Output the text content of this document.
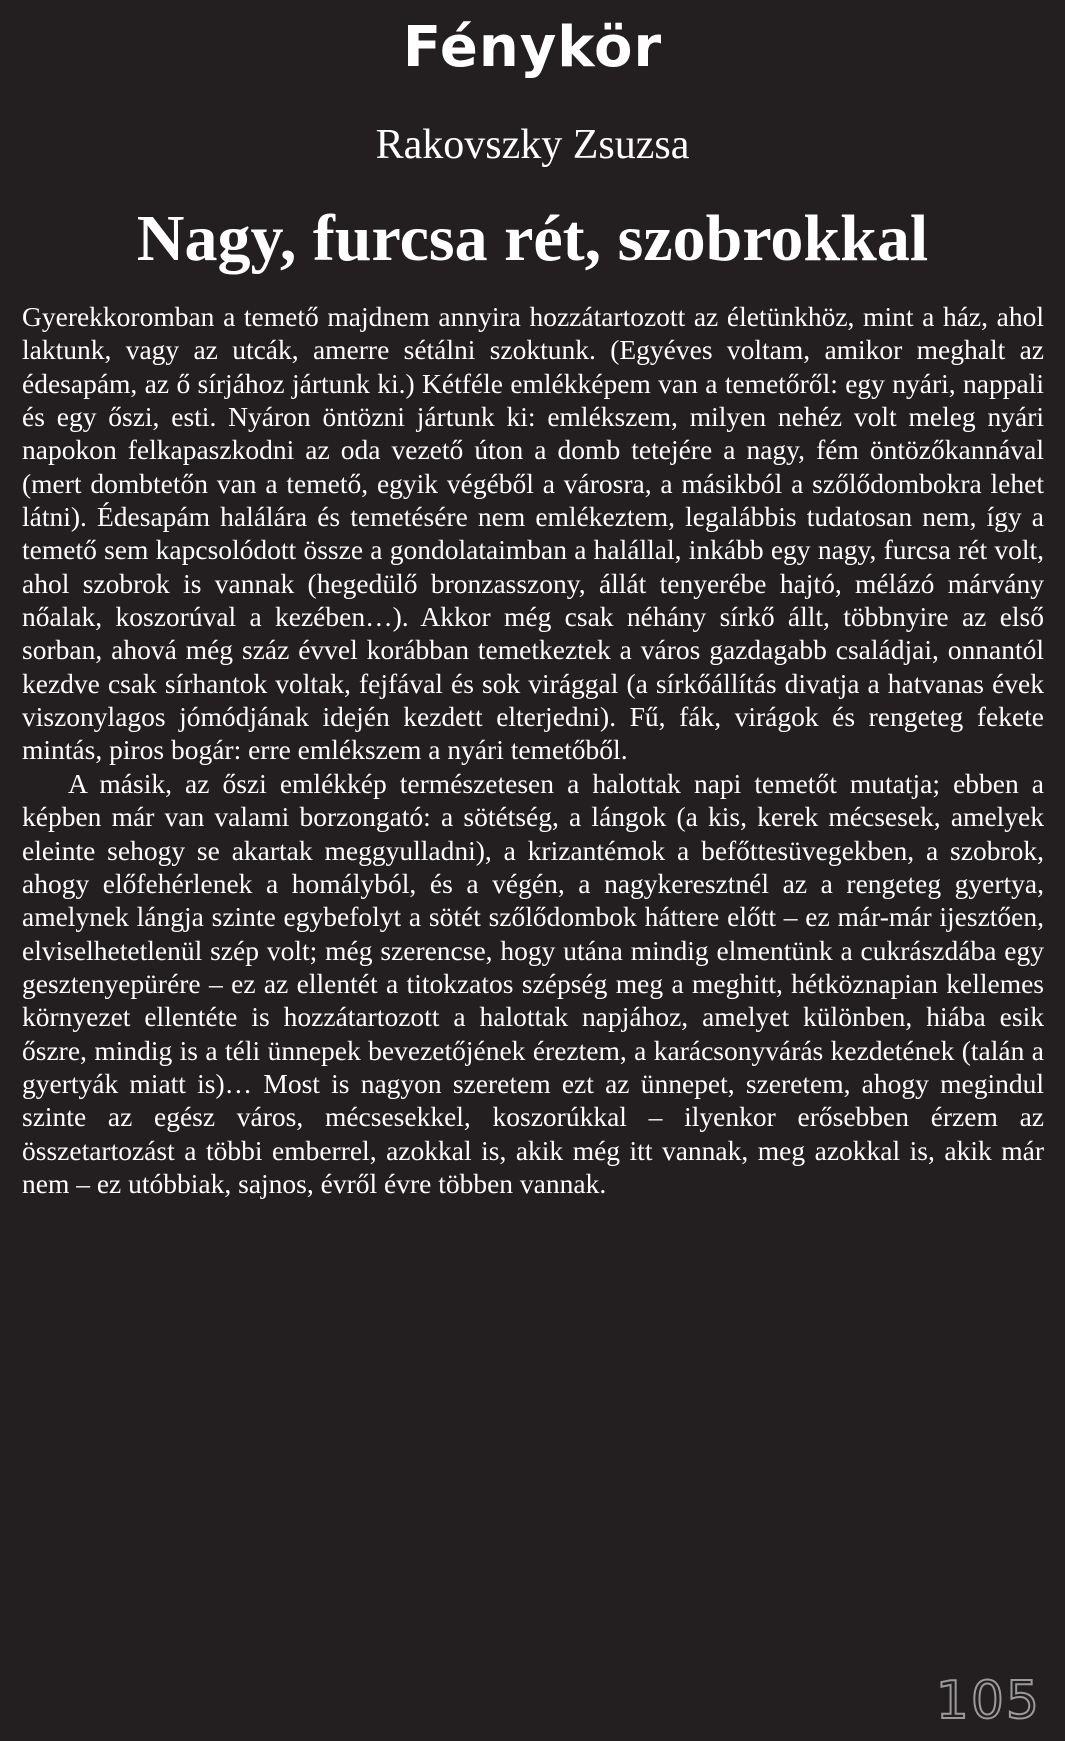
Fénykör
Rakovszky Zsuzsa
Nagy, furcsa rét, szobrokkal

Gyerekkoromban a temető majdnem annyira hozzátartozott az életünkhöz, mint a ház, ahol laktunk, vagy az utcák, amerre sétálni szoktunk. (Egyéves voltam, amikor meghalt az édesapám, az ő sírjához jártunk ki.) Kétféle emlékképem van a temetőről: egy nyári, nappali és egy őszi, esti. Nyáron öntözni jártunk ki: emlékszem, milyen nehéz volt meleg nyári napokon felkapaszkodni az oda vezető úton a domb tetejére a nagy, fém öntözőkannával (mert dombtetőn van a temető, egyik végéből a városra, a másikból a szőlődombokra lehet látni). Édesapám halálára és temetésére nem emlékeztem, legalábbis tudatosan nem, így a temető sem kapcsolódott össze a gondolataimban a halállal, inkább egy nagy, furcsa rét volt, ahol szobrok is vannak (hegedülő bronzasszony, állát tenyerébe hajtó, mélázó márvány nőalak, koszorúval a kezében…). Akkor még csak néhány sírkő állt, többnyire az első sorban, ahová még száz évvel korábban temetkeztek a város gazdagabb családjai, onnantól kezdve csak sírhantok voltak, fejfával és sok virággal (a sírkőállítás divatja a hatvanas évek viszonylagos jómódjának idején kezdett elterjedni). Fű, fák, virágok és rengeteg fekete mintás, piros bogár: erre emlékszem a nyári temetőből.

A másik, az őszi emlékkép természetesen a halottak napi temetőt mutatja; ebben a képben már van valami borzongató: a sötétség, a lángok (a kis, kerek mécsesek, amelyek eleinte sehogy se akartak meggyulladni), a krizantémok a befőttesüvegekben, a szobrok, ahogy előfehérlenek a homályból, és a végén, a nagykeresztnél az a rengeteg gyertya, amelynek lángja szinte egybefolyt a sötét szőlődombok háttere előtt – ez már-már ijesztően, elviselhetetlenül szép volt; még szerencse, hogy utána mindig elmentünk a cukrászdába egy gesztenyepürére – ez az ellentét a titokzatos szépség meg a meghitt, hétköznapian kellemes környezet ellentéte is hozzátartozott a halottak napjához, amelyet különben, hiába esik őszre, mindig is a téli ünnepek bevezetőjének éreztem, a karácsonyvárás kezdetének (talán a gyertyák miatt is)… Most is nagyon szeretem ezt az ünnepet, szeretem, ahogy megindul szinte az egész város, mécsesekkel, koszorúkkal – ilyenkor erősebben érzem az összetartozást a többi emberrel, azokkal is, akik még itt vannak, meg azokkal is, akik már nem – ez utóbbiak, sajnos, évről évre többen vannak.

105
